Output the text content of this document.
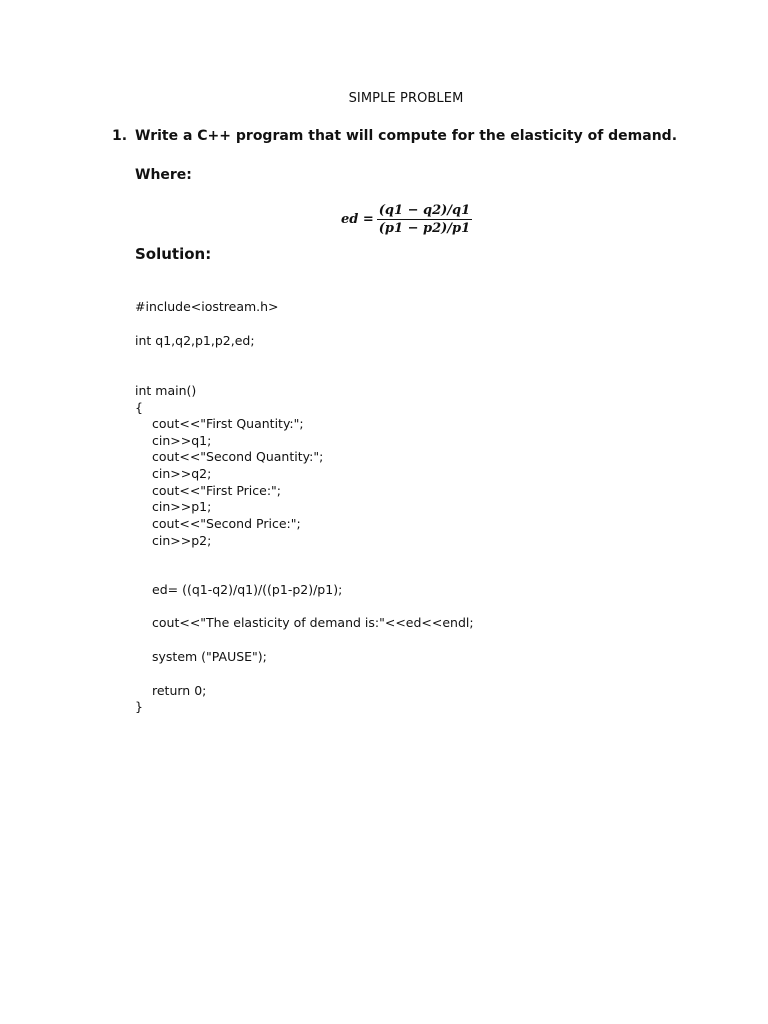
SIMPLE PROBLEM
1. Write a C++ program that will compute for the elasticity of demand.
Where:
ed = $\frac{(q1 - q2)/q1}{(p1 - p2)/p1}$
Solution:
#include<iostream.h>
int q1,q2,p1,p2,ed;
int main()
{
cout<<"First Quantity:";
cin>>q1;
cout<<"Second Quantity:";
cin>>q2;
cout<<"First Price:";
cin>>p1;
cout<<"Second Price:";
cin>>p2;
ed= ((q1-q2)/q1)/((p1-p2)/p1);
cout<<"The elasticity of demand is:"<<ed<<endl;
system ("PAUSE");
return 0;
}
